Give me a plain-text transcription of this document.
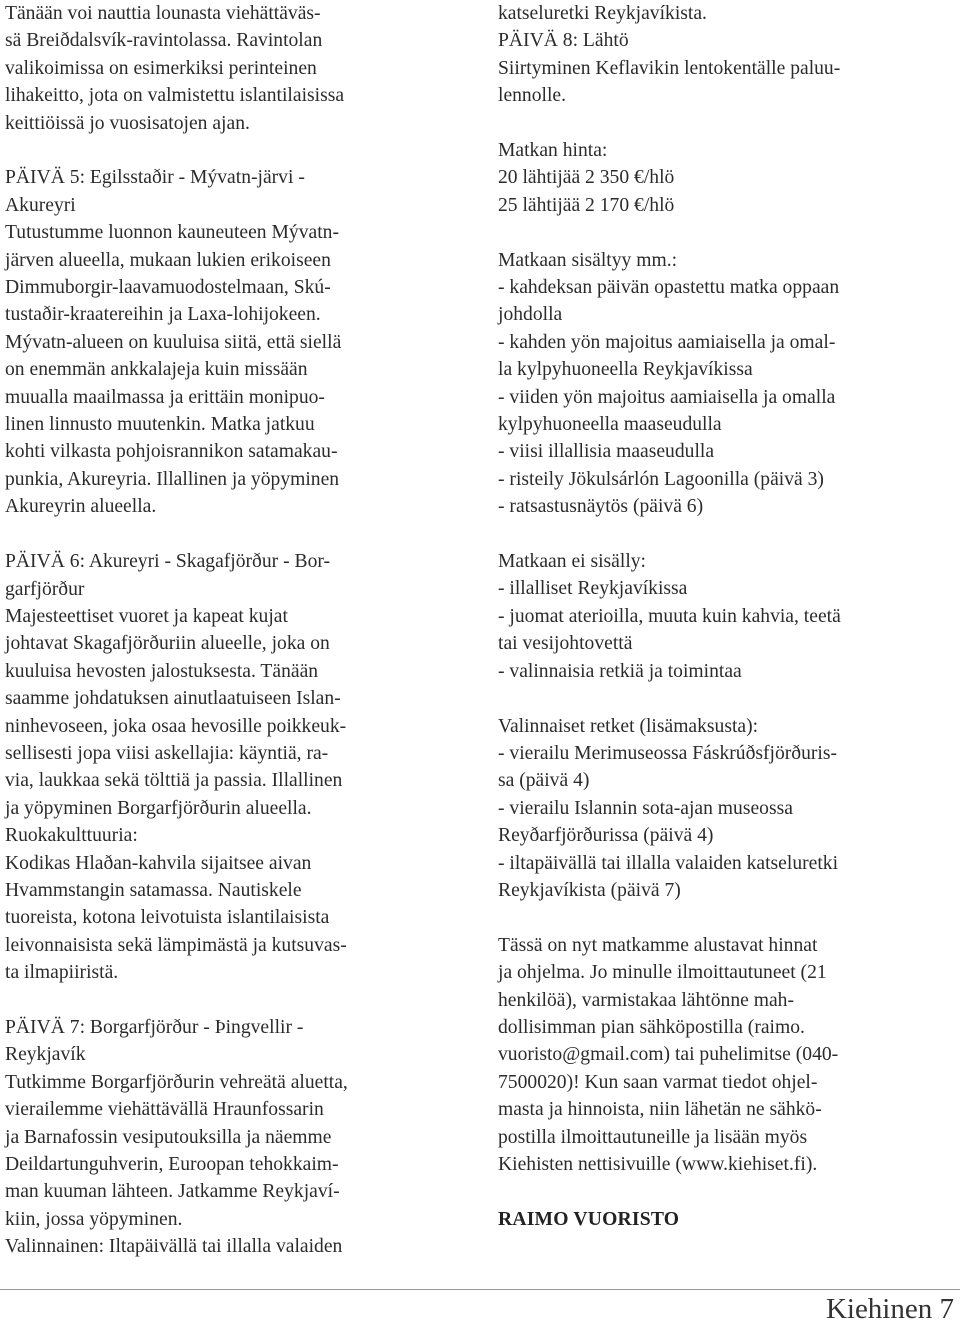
Tänään voi nauttia lounasta viehättäväs-
sä Breiðdalsvík-ravintolassa. Ravintolan
valikoimissa on esimerkiksi perinteinen
lihakeitto, jota on valmistettu islantilaisissa
keittiöissä jo vuosisatojen ajan.
PÄIVÄ 5: Egilsstaðir - Mývatn-järvi -
Akureyri
Tutustumme luonnon kauneuteen Mývatn-
järven alueella, mukaan lukien erikoiseen
Dimmuborgir-laavamuodostelmaan, Skú-
tustaðir-kraatereihin ja Laxa-lohijokeen.
Mývatn-alueen on kuuluisa siitä, että siellä
on enemmän ankkalajeja kuin missään
muualla maailmassa ja erittäin monipuo-
linen linnusto muutenkin. Matka jatkuu
kohti vilkasta pohjoisrannikon satamakau-
punkia, Akureyria. Illallinen ja yöpyminen
Akureyrin alueella.
PÄIVÄ 6: Akureyri - Skagafjörður - Bor-
garfjörður
Majesteettiset vuoret ja kapeat kujat
johtavat Skagafjörðuriin alueelle, joka on
kuuluisa hevosten jalostuksesta. Tänään
saamme johdatuksen ainutlaatuiseen Islan-
ninhevoseen, joka osaa hevosille poikkeuk-
sellisesti jopa viisi askellajia: käyntiä, ra-
via, laukkaa sekä tölttiä ja passia. Illallinen
ja yöpyminen Borgarfjörðurin alueella.
Ruokakulttuuria:
Kodikas Hlaðan-kahvila sijaitsee aivan
Hvammstangin satamassa. Nautiskele
tuoreista, kotona leivotuista islantilaisista
leivonnaisista sekä lämpimästä ja kutsuvas-
ta ilmapiiristä.
PÄIVÄ 7: Borgarfjörður - Þingvellir -
Reykjavík
Tutkimme Borgarfjörðurin vehreätä aluetta,
vierailemme viehättävällä Hraunfossarin
ja Barnafossin vesiputouksilla ja näemme
Deildartunguhverin, Euroopan tehokkaim-
man kuuman lähteen. Jatkamme Reykjaví-
kiin, jossa yöpyminen.
Valinnainen: Iltapäivällä tai illalla valaiden
katseluretki Reykjavíkista.
PÄIVÄ 8: Lähtö
Siirtyminen Keflavikin lentokentälle paluu-
lennolle.
Matkan hinta:
20 lähtijää 2 350 €/hlö
25 lähtijää 2 170 €/hlö
Matkaan sisältyy mm.:
- kahdeksan päivän opastettu matka oppaan
johdolla
- kahden yön majoitus aamiaisella ja omal-
la kylpyhuoneella Reykjavíkissa
- viiden yön majoitus aamiaisella ja omalla
kylpyhuoneella maaseudulla
- viisi illallisia maaseudulla
- risteily Jökulsárlón Lagoonilla (päivä 3)
- ratsastusnäytös (päivä 6)
Matkaan ei sisälly:
- illalliset Reykjavíkissa
- juomat aterioilla, muuta kuin kahvia, teetä
tai vesijohtovettä
- valinnaisia retkiä ja toimintaa
Valinnaiset retket (lisämaksusta):
- vierailu Merimuseossa Fáskrúðsfjörðuris-
sa (päivä 4)
- vierailu Islannin sota-ajan museossa
Reyðarfjörðurissa (päivä 4)
- iltapäivällä tai illalla valaiden katseluretki
Reykjavíkista (päivä 7)
Tässä on nyt matkamme alustavat hinnat
ja ohjelma. Jo minulle ilmoittautuneet (21
henkilöä), varmistakaa lähtönne mah-
dollisimman pian sähköpostilla (raimo.
vuoristo@gmail.com) tai puhelimitse (040-
7500020)! Kun saan varmat tiedot ohjel-
masta ja hinnoista, niin lähetän ne sähkö-
postilla ilmoittautuneille ja lisään myös
Kiehisten nettisivuille (www.kiehiset.fi).
RAIMO VUORISTO
Kiehinen 7
